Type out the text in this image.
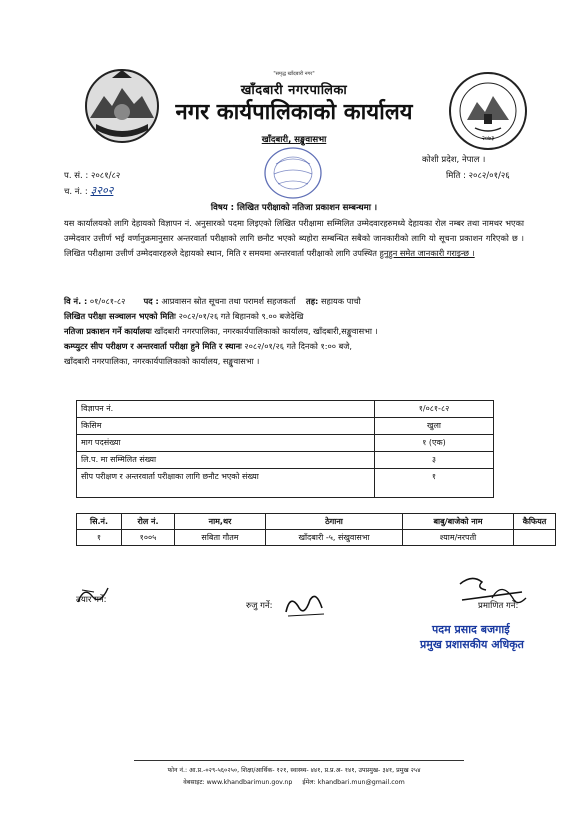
"समृद्ध खाँदबारी नगर"
खाँदबारी नगरपालिका
नगर कार्यपालिकाको कार्यालय
खाँदबारी, सङ्खुवासभा	२०७३
कोशी प्रदेश, नेपाल ।
प. सं. : २०८१/८२
च. नं. : ३२०२
मिति : २०८२/०१/२६
विषय : लिखित परीक्षाको नतिजा प्रकाशन सम्बन्धमा ।
यस कार्यालयको लागि देहायको विज्ञापन नं. अनुसारको पदमा लिइएको लिखित परीक्षामा सम्मिलित उम्मेदवारहरुमध्ये देहायका रोल नम्बर तथा नामथर भएका उम्मेदवार उत्तीर्ण भई वर्णानुक्रमानुसार अन्तरवार्ता परीक्षाको लागि छनौट भएको ब्यहोरा सम्बन्धित सबैको जानकारीको लागि यो सूचना प्रकाशन गरिएको छ । लिखित परीक्षामा उत्तीर्ण उम्मेदवारहरुले देहायको स्थान, मिति र समयमा अन्तरवार्ता परीक्षाको लागि उपस्थित हुनुहुन समेत जानकारी गराइन्छ ।
वि नं. : ०१/०८१-८२ पद : आप्रवासन स्रोत सूचना तथा परामर्श सहजकर्ता तह: सहायक पाचौ
लिखित परीक्षा सञ्चालन भएको मितिः २०८२/०१/२६ गते बिहानको ९.०० बजेदेखि
नतिजा प्रकाशन गर्ने कार्यालयः खाँदबारी नगरपालिका, नगरकार्यपालिकाको कार्यालय, खाँदबारी,सङ्खुवासभा ।
कम्प्युटर सीप परीक्षण र अन्तरवार्ता परीक्षा हुने मिति र स्थानः २०८२/०१/२६ गते दिनको १:०० बजे,
खाँदबारी नगरपालिका, नगरकार्यपालिकाको कार्यालय, सङ्खुवासभा ।
विज्ञापन नं.	१/०८१-८२
किसिम	खुला
माग पदसंख्या	१ (एक)
लि.प. मा सम्मिलित संख्या	३
सीप परीक्षण र अन्तरवार्ता परीक्षाका लागि छनौट भएको संख्या	१
सि.नं.	रोल नं.	नाम,थर	ठेगाना	बाबु/बाजेको नाम	कैफियत
१	१००५	सबिता गौतम	खाँदबारी -५, संखुवासभा	श्याम/नरपती	
तयार गर्ने:
रुजु गर्ने:	प्रमाणित गर्ने:
पदम प्रसाद बजगाई
प्रमुख प्रशासकीय अधिकृत
फोन नं.: आ.प्र.-०२९-५६०२५०, शिक्षा/आर्थिक- १२१, स्वास्थ्य- ४४१, प्र.प्र.अ- १४१, उपप्रमुख- ३४१, प्रमुख २५४
वेबसाइट: www.khandbarimun.gov.np ईमेल: khandbari.mun@gmail.com
